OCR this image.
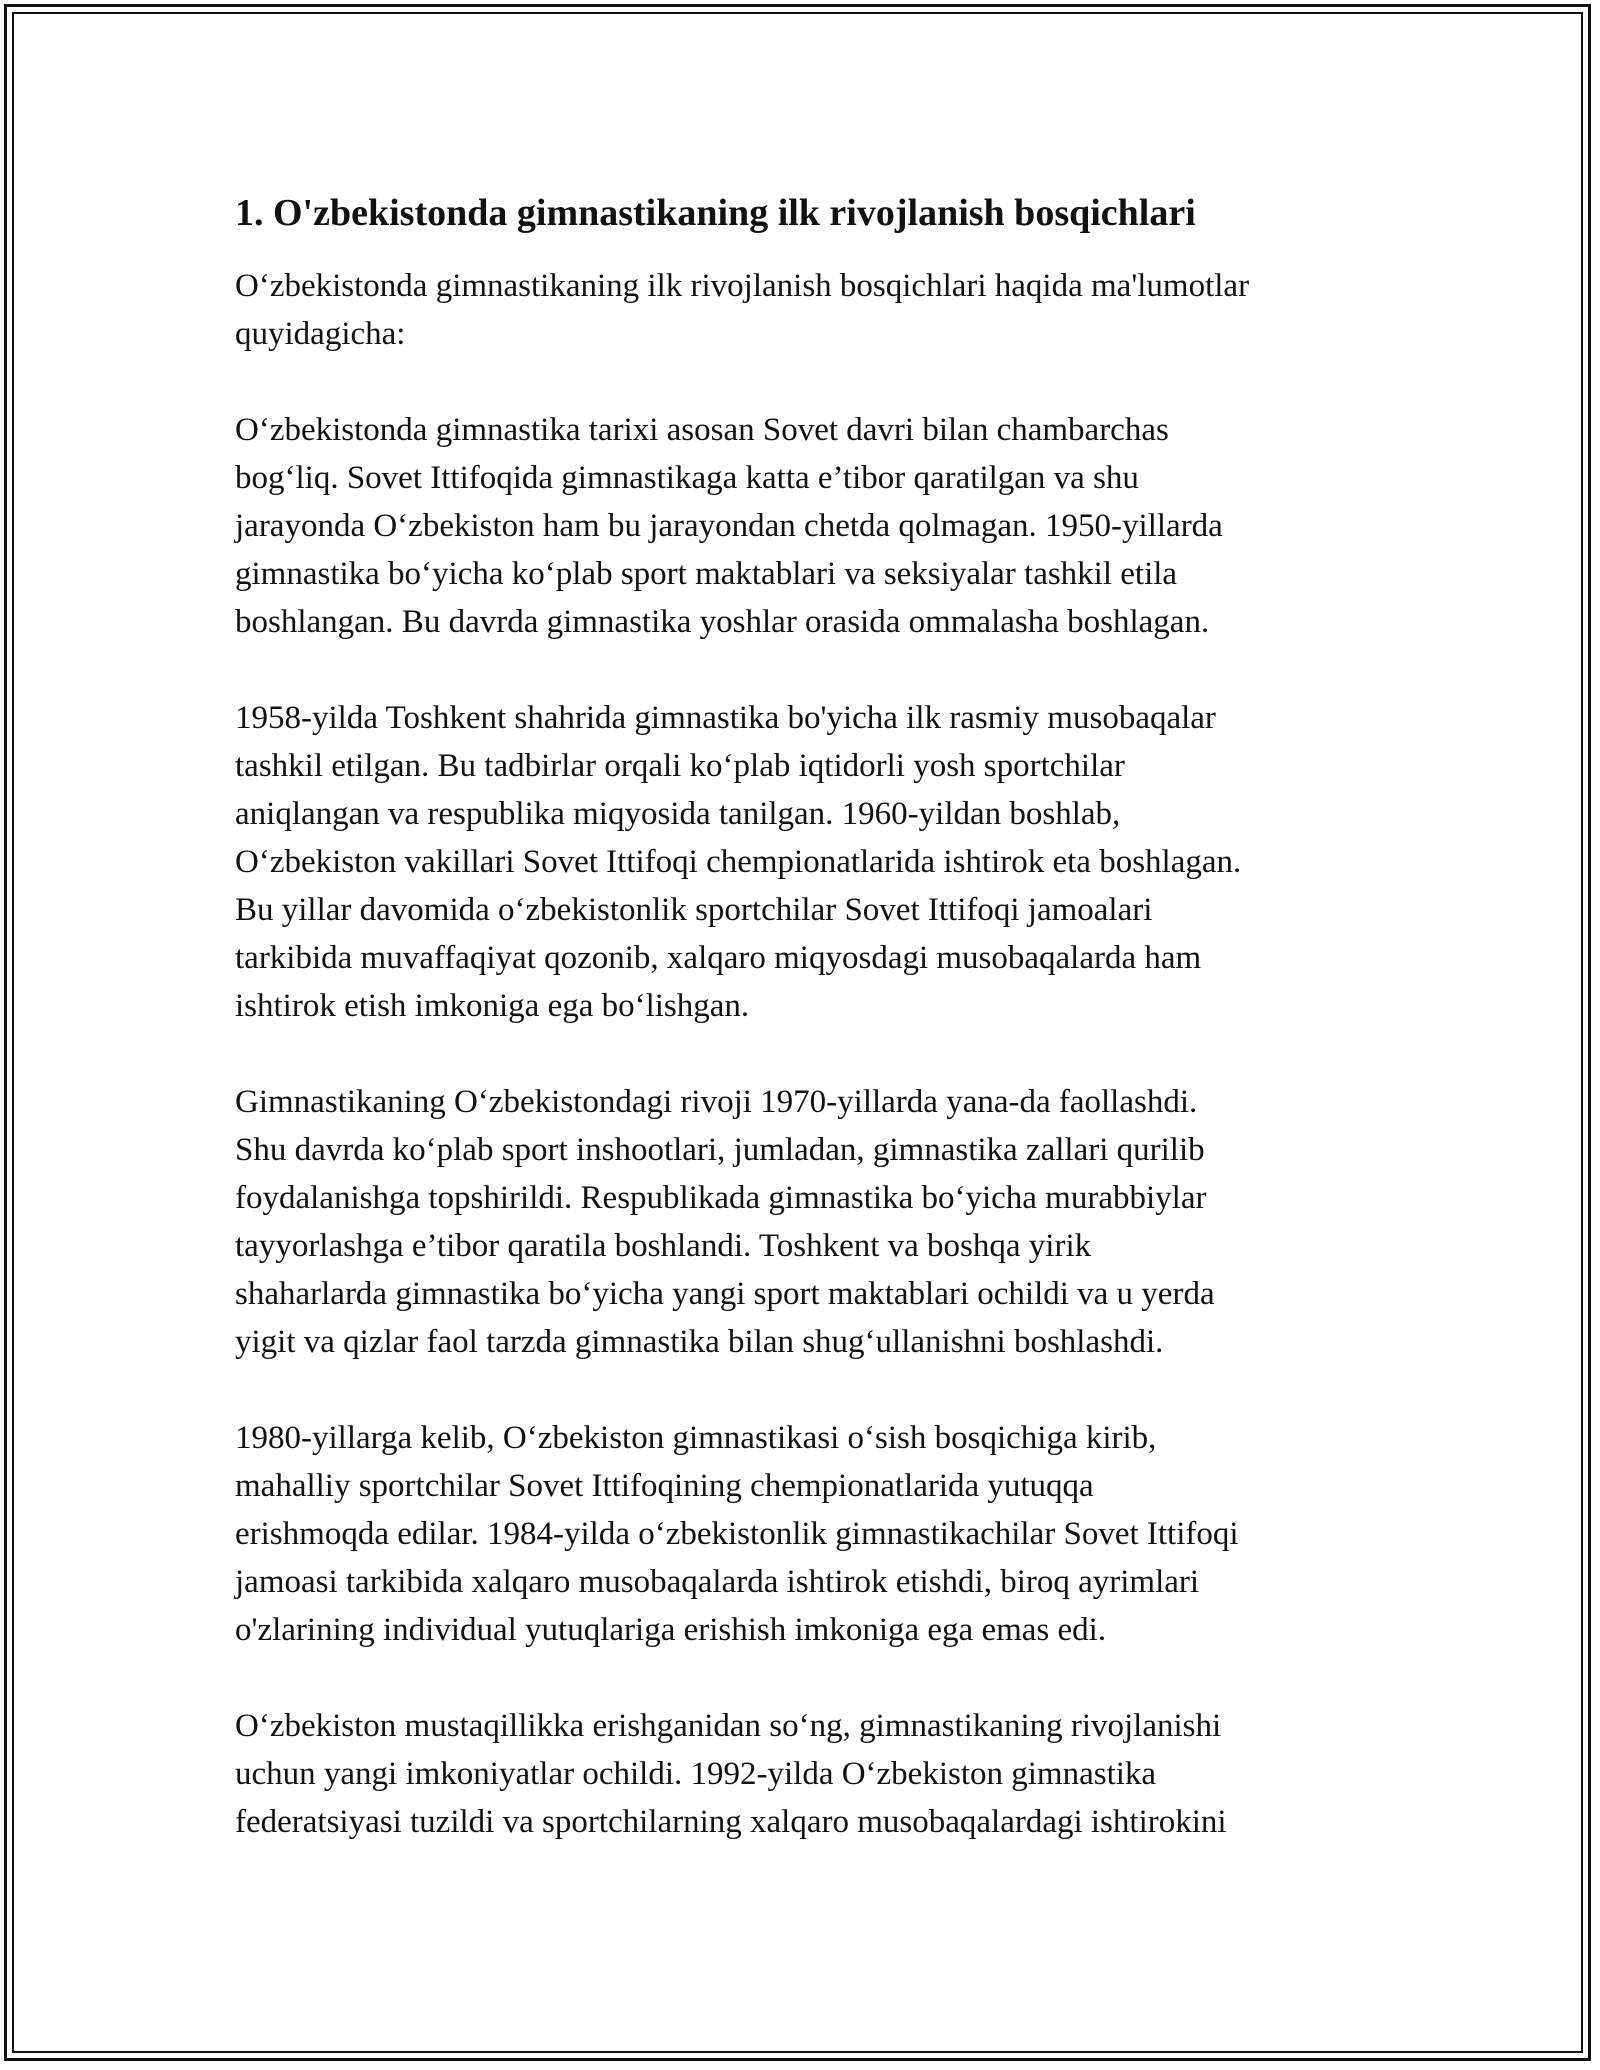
1. O'zbekistonda gimnastikaning ilk rivojlanish bosqichlari

O‘zbekistonda gimnastikaning ilk rivojlanish bosqichlari haqida ma'lumotlar
quyidagicha:

O‘zbekistonda gimnastika tarixi asosan Sovet davri bilan chambarchas
bog‘liq. Sovet Ittifoqida gimnastikaga katta e’tibor qaratilgan va shu
jarayonda O‘zbekiston ham bu jarayondan chetda qolmagan. 1950-yillarda
gimnastika bo‘yicha ko‘plab sport maktablari va seksiyalar tashkil etila
boshlangan. Bu davrda gimnastika yoshlar orasida ommalasha boshlagan.

1958-yilda Toshkent shahrida gimnastika bo'yicha ilk rasmiy musobaqalar
tashkil etilgan. Bu tadbirlar orqali ko‘plab iqtidorli yosh sportchilar
aniqlangan va respublika miqyosida tanilgan. 1960-yildan boshlab,
O‘zbekiston vakillari Sovet Ittifoqi chempionatlarida ishtirok eta boshlagan.
Bu yillar davomida o‘zbekistonlik sportchilar Sovet Ittifoqi jamoalari
tarkibida muvaffaqiyat qozonib, xalqaro miqyosdagi musobaqalarda ham
ishtirok etish imkoniga ega bo‘lishgan.

Gimnastikaning O‘zbekistondagi rivoji 1970-yillarda yana-da faollashdi.
Shu davrda ko‘plab sport inshootlari, jumladan, gimnastika zallari qurilib
foydalanishga topshirildi. Respublikada gimnastika bo‘yicha murabbiylar
tayyorlashga e’tibor qaratila boshlandi. Toshkent va boshqa yirik
shaharlarda gimnastika bo‘yicha yangi sport maktablari ochildi va u yerda
yigit va qizlar faol tarzda gimnastika bilan shug‘ullanishni boshlashdi.

1980-yillarga kelib, O‘zbekiston gimnastikasi o‘sish bosqichiga kirib,
mahalliy sportchilar Sovet Ittifoqining chempionatlarida yutuqqa
erishmoqda edilar. 1984-yilda o‘zbekistonlik gimnastikachilar Sovet Ittifoqi
jamoasi tarkibida xalqaro musobaqalarda ishtirok etishdi, biroq ayrimlari
o'zlarining individual yutuqlariga erishish imkoniga ega emas edi.

O‘zbekiston mustaqillikka erishganidan so‘ng, gimnastikaning rivojlanishi
uchun yangi imkoniyatlar ochildi. 1992-yilda O‘zbekiston gimnastika
federatsiyasi tuzildi va sportchilarning xalqaro musobaqalardagi ishtirokini
